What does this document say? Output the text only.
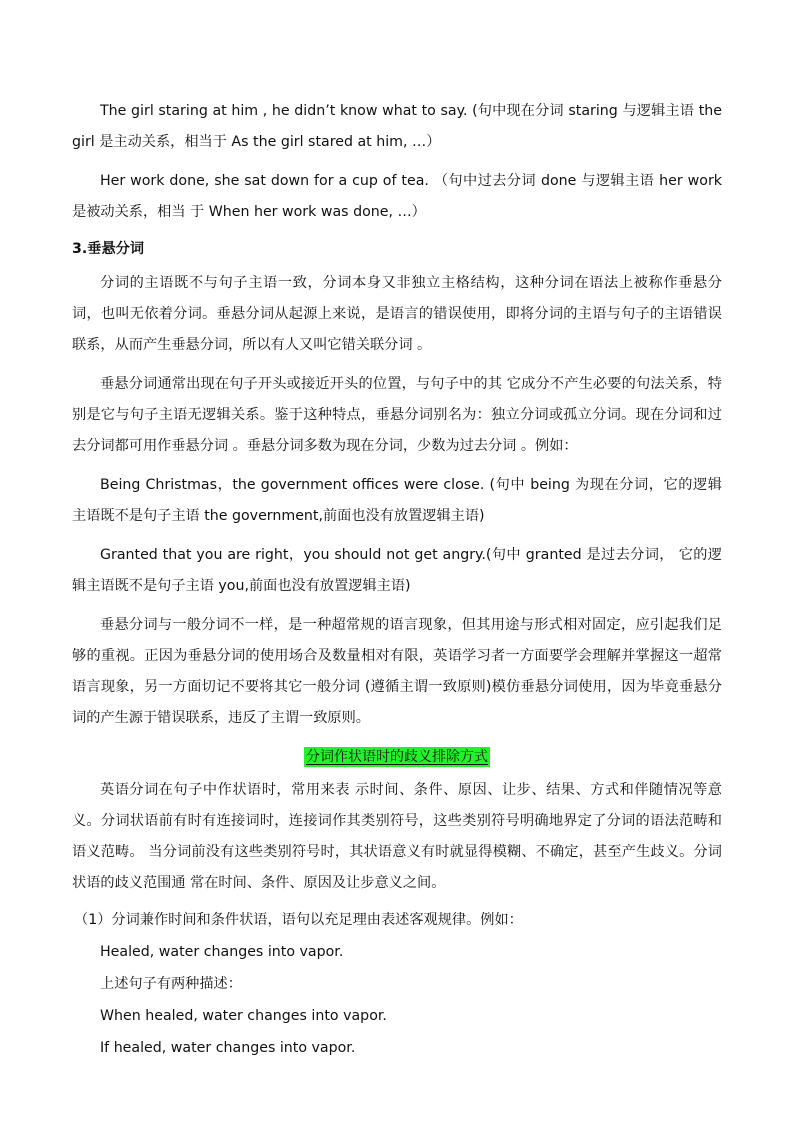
The girl staring at him , he didn’t know what to say. (句中现在分词 staring 与逻辑主语 the girl 是主动关系，相当于 As the girl stared at him, …）

Her work done, she sat down for a cup of tea. （句中过去分词 done 与逻辑主语 her work 是被动关系，相当 于 When her work was done, …）

3.垂悬分词

分词的主语既不与句子主语一致，分词本身又非独立主格结构，这种分词在语法上被称作垂悬分词，也叫无依着分词。垂悬分词从起源上来说，是语言的错误使用，即将分词的主语与句子的主语错误联系，从而产生垂悬分词，所以有人又叫它错关联分词 。

垂悬分词通常出现在句子开头或接近开头的位置，与句子中的其 它成分不产生必要的句法关系，特别是它与句子主语无逻辑关系。鉴于这种特点，垂悬分词别名为：独立分词或孤立分词。现在分词和过去分词都可用作垂悬分词 。垂悬分词多数为现在分词，少数为过去分词 。例如：

Being Christmas，the government offices were close. (句中 being 为现在分词，它的逻辑主语既不是句子主语 the government,前面也没有放置逻辑主语)

Granted that you are right，you should not get angry.(句中 granted 是过去分词， 它的逻辑主语既不是句子主语 you,前面也没有放置逻辑主语)

垂悬分词与一般分词不一样，是一种超常规的语言现象，但其用途与形式相对固定，应引起我们足够的重视。正因为垂悬分词的使用场合及数量相对有限，英语学习者一方面要学会理解并掌握这一超常语言现象，另一方面切记不要将其它一般分词 (遵循主谓一致原则)模仿垂悬分词使用，因为毕竟垂悬分词的产生源于错误联系，违反了主谓一致原则。

分词作状语时的歧义排除方式

英语分词在句子中作状语时，常用来表 示时间、条件、原因、让步、结果、方式和伴随情况等意义。分词状语前有时有连接词时，连接词作其类别符号，这些类别符号明确地界定了分词的语法范畴和语义范畴。 当分词前没有这些类别符号时，其状语意义有时就显得模糊、不确定，甚至产生歧义。分词状语的歧义范围通 常在时间、条件、原因及让步意义之间。

（1）分词兼作时间和条件状语，语句以充足理由表述客观规律。例如：

Healed, water changes into vapor.

上述句子有两种描述：

When healed, water changes into vapor.

If healed, water changes into vapor.
